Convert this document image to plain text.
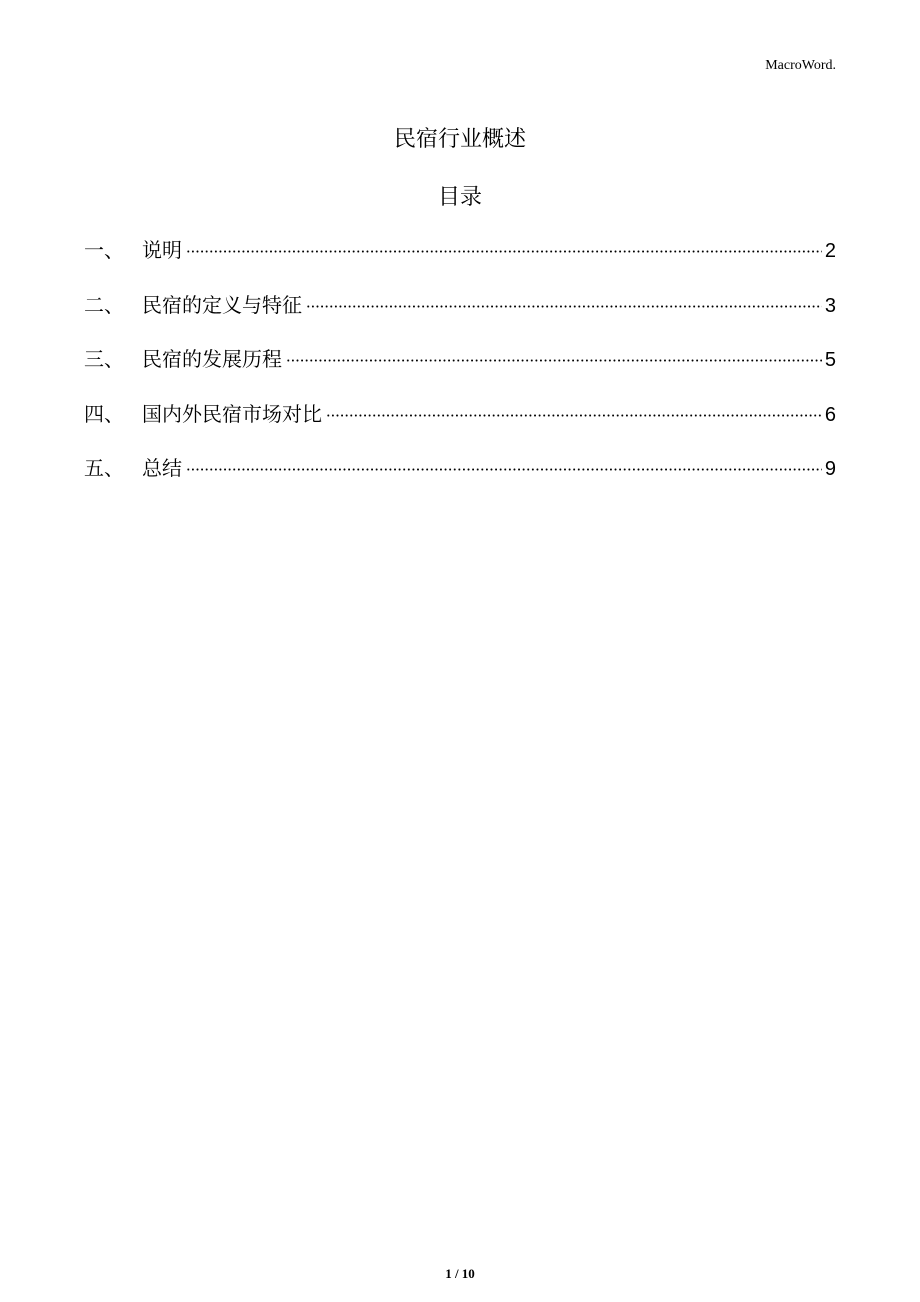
MacroWord.
民宿行业概述
目录
一、 说明	2
二、 民宿的定义与特征	3
三、 民宿的发展历程	5
四、 国内外民宿市场对比	6
五、 总结	9
1 / 10
